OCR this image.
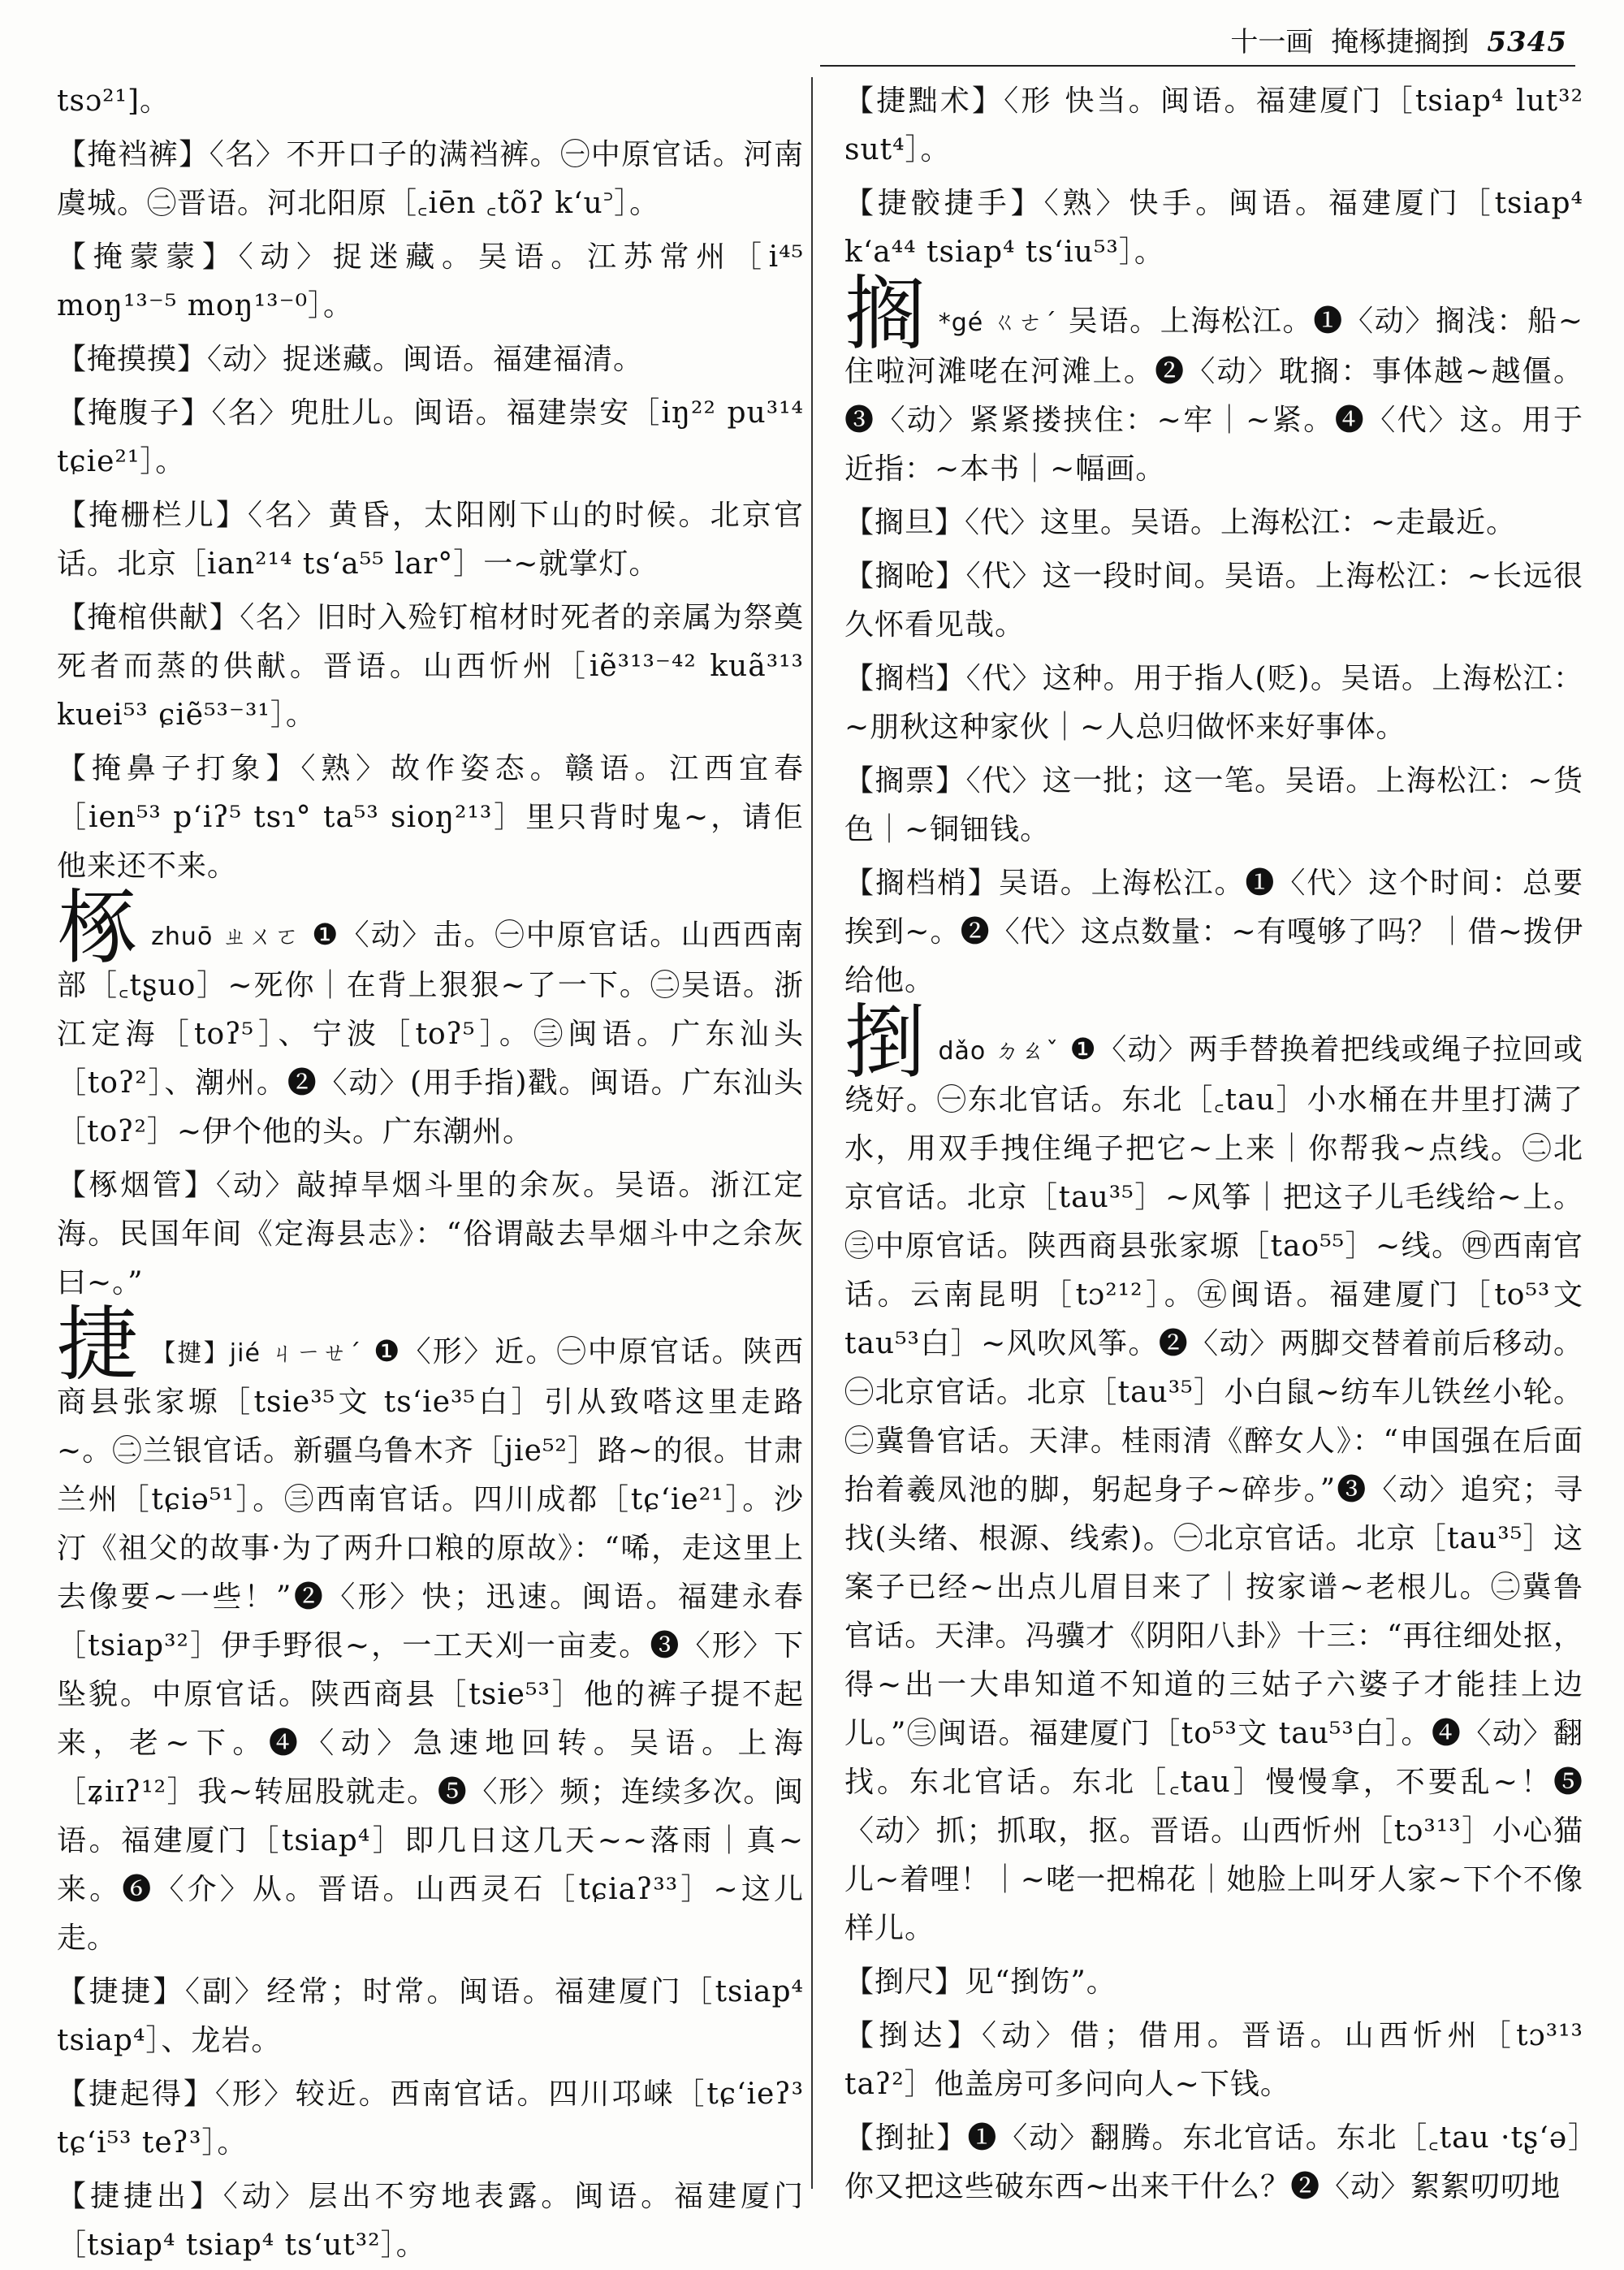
十一画 掩椓捷搁捯 5345

tsɔ²¹]。

【掩裆裤】〈名〉不开口子的满裆裤。㊀中原官话。河南虞城。㊁晋语。河北阳原［꜀iēn ꜀tõʔ k‘u꜄］。

【掩蒙蒙】〈动〉捉迷藏。吴语。江苏常州［i⁴⁵ moŋ¹³⁻⁵ moŋ¹³⁻⁰］。

【掩摸摸】〈动〉捉迷藏。闽语。福建福清。

【掩腹子】〈名〉兜肚儿。闽语。福建崇安［iŋ²² pu³¹⁴ tɕie²¹］。

【掩栅栏儿】〈名〉黄昏，太阳刚下山的时候。北京官话。北京［ian²¹⁴ ts‘a⁵⁵ lar°］一~就掌灯。

【掩棺供献】〈名〉旧时入殓钉棺材时死者的亲属为祭奠死者而蒸的供献。晋语。山西忻州［iẽ³¹³⁻⁴² kuã³¹³ kuei⁵³ ɕiẽ⁵³⁻³¹］。

【掩鼻子打象】〈熟〉故作姿态。赣语。江西宜春［ien⁵³ p‘iʔ⁵ tsɿ° ta⁵³ sioŋ²¹³］里只背时鬼~，请佢他来还不来。

椓zhuō ㄓㄨㄛ ❶〈动〉击。㊀中原官话。山西西南部［꜀tʂuo］~死你｜在背上狠狠~了一下。㊁吴语。浙江定海［toʔ⁵］、宁波［toʔ⁵］。㊂闽语。广东汕头［toʔ²］、潮州。❷〈动〉(用手指)戳。闽语。广东汕头［toʔ²］~伊个他的头。广东潮州。

【椓烟管】〈动〉敲掉旱烟斗里的余灰。吴语。浙江定海。民国年间《定海县志》：“俗谓敲去旱烟斗中之余灰曰~。”

捷 【揵】jié ㄐㄧㄝˊ ❶〈形〉近。㊀中原官话。陕西商县张家塬［tsie³⁵文 ts‘ie³⁵白］引从致嗒这里走路~。㊁兰银官话。新疆乌鲁木齐［jie⁵²］路~的很。甘肃兰州［tɕiə⁵¹］。㊂西南官话。四川成都［tɕ‘ie²¹］。沙汀《祖父的故事·为了两升口粮的原故》：“唏，走这里上去像要~一些！”❷〈形〉快；迅速。闽语。福建永春［tsiap³²］伊手野很~，一工天刈一亩麦。❸〈形〉下坠貌。中原官话。陕西商县［tsie⁵³］他的裤子提不起来，老~下。❹〈动〉急速地回转。吴语。上海［ʑiɪʔ¹²］我~转屈股就走。❺〈形〉频；连续多次。闽语。福建厦门［tsiap⁴］即几日这几天~~落雨｜真~来。❻〈介〉从。晋语。山西灵石［tɕiaʔ³³］~这儿走。

【捷捷】〈副〉经常；时常。闽语。福建厦门［tsiap⁴ tsiap⁴］、龙岩。

【捷起得】〈形〉较近。西南官话。四川邛崃［tɕ‘ieʔ³ tɕ‘i⁵³ teʔ³］。

【捷捷出】〈动〉层出不穷地表露。闽语。福建厦门［tsiap⁴ tsiap⁴ ts‘ut³²］。

【捷黜术】〈形 快当。闽语。福建厦门［tsiap⁴ lut³² sut⁴］。

【捷骹捷手】〈熟〉快手。闽语。福建厦门［tsiap⁴ k‘a⁴⁴ tsiap⁴ ts‘iu⁵³］。

搁 *gé ㄍㄜˊ 吴语。上海松江。❶〈动〉搁浅：船~住啦河滩咾在河滩上。❷〈动〉耽搁：事体越~越僵。❸〈动〉紧紧搂挟住：~牢｜~紧。❹〈代〉这。用于近指：~本书｜~幅画。

【搁旦】〈代〉这里。吴语。上海松江：~走最近。

【搁呛】〈代〉这一段时间。吴语。上海松江：~长远很久怀看见哉。

【搁档】〈代〉这种。用于指人(贬)。吴语。上海松江：~朋秋这种家伙｜~人总归做怀来好事体。

【搁票】〈代〉这一批；这一笔。吴语。上海松江：~货色｜~铜钿钱。

【搁档梢】吴语。上海松江。❶〈代〉这个时间：总要挨到~。❷〈代〉这点数量：~有嘎够了吗？｜借~拨伊给他。

捯dǎo ㄉㄠˇ ❶〈动〉两手替换着把线或绳子拉回或绕好。㊀东北官话。东北［꜀tau］小水桶在井里打满了水，用双手拽住绳子把它~上来｜你帮我~点线。㊁北京官话。北京［tau³⁵］~风筝｜把这子儿毛线给~上。㊂中原官话。陕西商县张家塬［tao⁵⁵］~线。㊃西南官话。云南昆明［tɔ²¹²］。㊄闽语。福建厦门［to⁵³文 tau⁵³白］~风吹风筝。❷〈动〉两脚交替着前后移动。㊀北京官话。北京［tau³⁵］小白鼠~纺车儿铁丝小轮。㊁冀鲁官话。天津。桂雨清《醉女人》：“申国强在后面抬着羲凤池的脚，躬起身子~碎步。”❸〈动〉追究；寻找(头绪、根源、线索)。㊀北京官话。北京［tau³⁵］这案子已经~出点儿眉目来了｜按家谱~老根儿。㊁冀鲁官话。天津。冯骥才《阴阳八卦》十三：“再往细处抠，得~出一大串知道不知道的三姑子六婆子才能挂上边儿。”㊂闽语。福建厦门［to⁵³文 tau⁵³白］。❹〈动〉翻找。东北官话。东北［꜀tau］慢慢拿，不要乱~！❺〈动〉抓；抓取，抠。晋语。山西忻州［tɔ³¹³］小心猫儿~着哩！｜~咾一把棉花｜她脸上叫牙人家~下个不像样儿。

【捯尺】见“捯饬”。

【捯达】〈动〉借；借用。晋语。山西忻州［tɔ³¹³ taʔ²］他盖房可多问向人~下钱。

【捯扯】❶〈动〉翻腾。东北官话。东北［꜀tau ·tʂ‘ə］你又把这些破东西~出来干什么？❷〈动〉絮絮叨叨地
